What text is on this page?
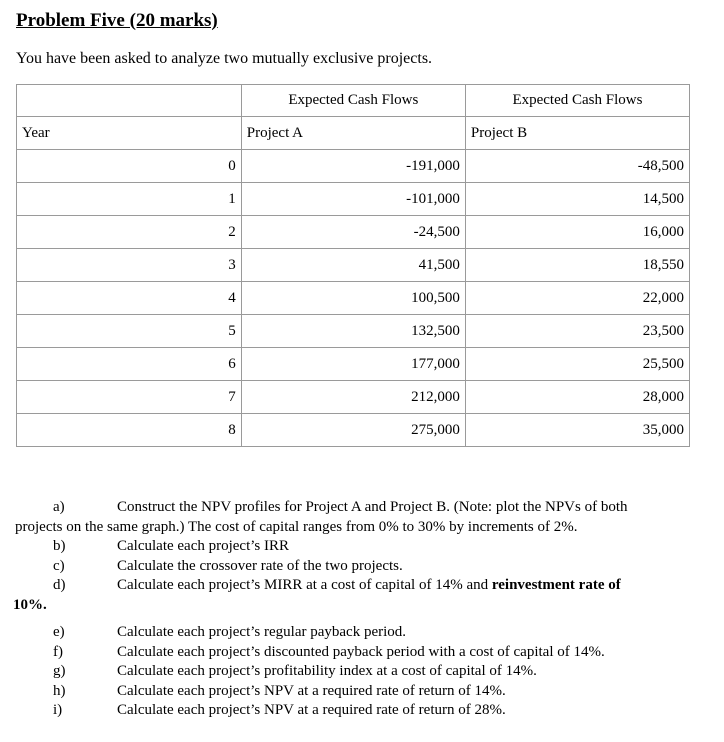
Problem Five (20 marks)
You have been asked to analyze two mutually exclusive projects.
	Expected Cash Flows	Expected Cash Flows
Year	Project A	Project B
0	-191,000	-48,500
1	-101,000	14,500
2	-24,500	16,000
3	41,500	18,550
4	100,500	22,000
5	132,500	23,500
6	177,000	25,500
7	212,000	28,000
8	275,000	35,000
a)	Construct the NPV profiles for Project A and Project B. (Note: plot the NPVs of both
projects on the same graph.) The cost of capital ranges from 0% to 30% by increments of 2%.
b)	Calculate each project’s IRR
c)	Calculate the crossover rate of the two projects.
d)	Calculate each project’s MIRR at a cost of capital of 14% and reinvestment rate of
10%.
e)	Calculate each project’s regular payback period.
f)	Calculate each project’s discounted payback period with a cost of capital of 14%.
g)	Calculate each project’s profitability index at a cost of capital of 14%.
h)	Calculate each project’s NPV at a required rate of return of 14%.
i)	Calculate each project’s NPV at a required rate of return of 28%.
